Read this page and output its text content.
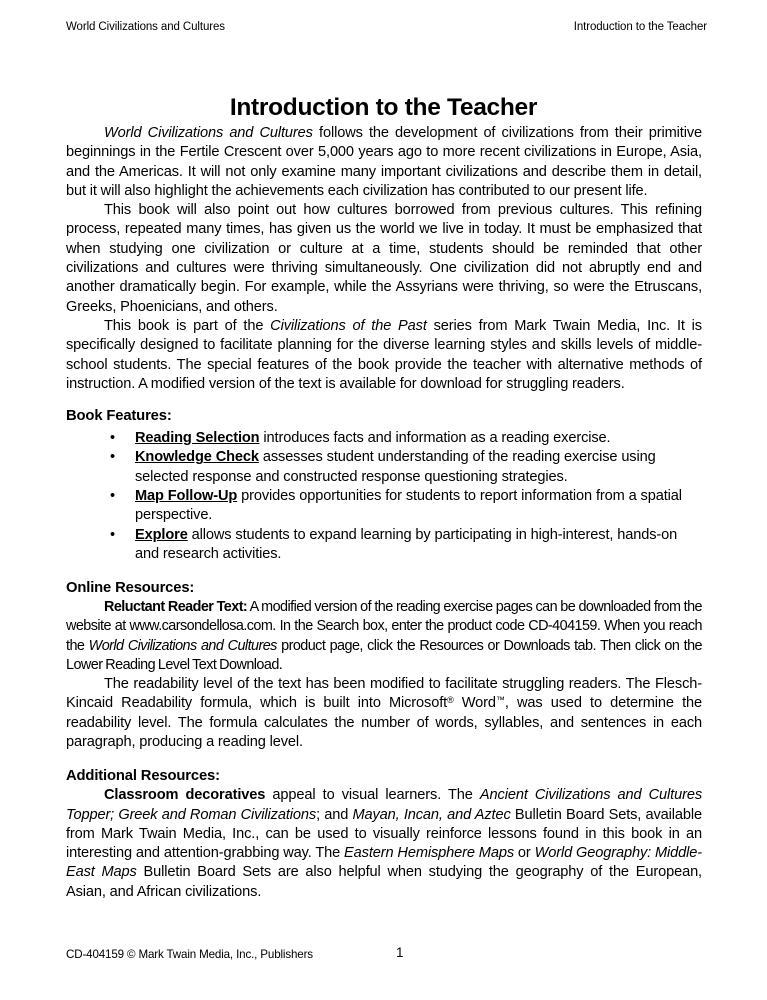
World Civilizations and Cultures	Introduction to the Teacher
Introduction to the Teacher

World Civilizations and Cultures follows the development of civilizations from their primitive beginnings in the Fertile Crescent over 5,000 years ago to more recent civilizations in Europe, Asia, and the Americas. It will not only examine many important civilizations and describe them in detail, but it will also highlight the achievements each civilization has contributed to our present life.

This book will also point out how cultures borrowed from previous cultures. This refining process, repeated many times, has given us the world we live in today. It must be emphasized that when studying one civilization or culture at a time, students should be reminded that other civilizations and cultures were thriving simultaneously. One civilization did not abruptly end and another dramatically begin. For example, while the Assyrians were thriving, so were the Etruscans, Greeks, Phoenicians, and others.

This book is part of the Civilizations of the Past series from Mark Twain Media, Inc. It is specifically designed to facilitate planning for the diverse learning styles and skills levels of middle-school students. The special features of the book provide the teacher with alternative methods of instruction. A modified version of the text is available for download for struggling readers.

Book Features:
• Reading Selection introduces facts and information as a reading exercise.
• Knowledge Check assesses student understanding of the reading exercise using selected response and constructed response questioning strategies.
• Map Follow-Up provides opportunities for students to report information from a spatial perspective.
• Explore allows students to expand learning by participating in high-interest, hands-on and research activities.
Online Resources:

Reluctant Reader Text: A modified version of the reading exercise pages can be downloaded from the website at www.carsondellosa.com. In the Search box, enter the product code CD-404159. When you reach the World Civilizations and Cultures product page, click the Resources or Downloads tab. Then click on the Lower Reading Level Text Download.

The readability level of the text has been modified to facilitate struggling readers. The Flesch-Kincaid Readability formula, which is built into Microsoft® Word™, was used to determine the readability level. The formula calculates the number of words, syllables, and sentences in each paragraph, producing a reading level.

Additional Resources:

Classroom decoratives appeal to visual learners. The Ancient Civilizations and Cultures Topper; Greek and Roman Civilizations; and Mayan, Incan, and Aztec Bulletin Board Sets, available from Mark Twain Media, Inc., can be used to visually reinforce lessons found in this book in an interesting and attention-grabbing way. The Eastern Hemisphere Maps or World Geography: Middle-East Maps Bulletin Board Sets are also helpful when studying the geography of the European, Asian, and African civilizations.

CD-404159 © Mark Twain Media, Inc., Publishers	1
